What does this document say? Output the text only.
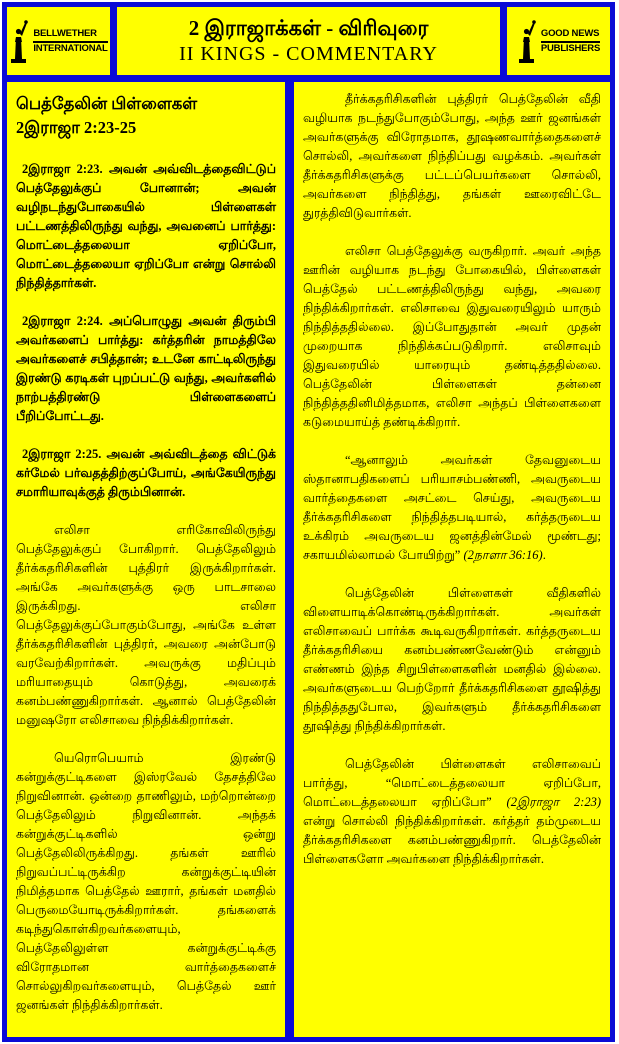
BELLWETHER
INTERNATIONAL
2 இராஜாக்கள் - விரிவுரை
II KINGS - COMMENTARY
GOOD NEWS
PUBLISHERS
பெத்தேலின் பிள்ளைகள்
2இராஜா 2:23-25

2இராஜா 2:23. அவன் அவ்விடத்தைவிட்டுப் பெத்தேலுக்குப் போனான்; அவன் வழிநடந்துபோகையில் பிள்ளைகள் பட்டணத்திலிருந்து வந்து, அவனைப் பார்த்து: மொட்டைத்தலையா ஏறிப்போ, மொட்டைத்தலையா ஏறிப்போ என்று சொல்லி நிந்தித்தார்கள்.

2இராஜா 2:24. அப்பொழுது அவன் திரும்பி அவர்களைப் பார்த்து: கர்த்தரின் நாமத்திலே அவர்களைச் சபித்தான்; உடனே காட்டிலிருந்து இரண்டு கரடிகள் புறப்பட்டு வந்து, அவர்களில் நாற்பத்திரண்டு பிள்ளைகளைப் பீறிப்போட்டது.

2இராஜா 2:25. அவன் அவ்விடத்தை விட்டுக் கர்மேல் பர்வதத்திற்குப்போய், அங்கேயிருந்து சமாரியாவுக்குத் திரும்பினான்.

எலிசா எரிகோவிலிருந்து பெத்தேலுக்குப் போகிறார். பெத்தேலிலும் தீர்க்கதரிசிகளின் புத்திரர் இருக்கிறார்கள். அங்கே அவர்களுக்கு ஒரு பாடசாலை இருக்கிறது. எலிசா பெத்தேலுக்குப்போகும்போது, அங்கே உள்ள தீர்க்கதரிசிகளின் புத்திரர், அவரை அன்போடு வரவேற்கிறார்கள். அவருக்கு மதிப்பும் மரியாதையும் கொடுத்து, அவரைக் கனம்பண்ணுகிறார்கள். ஆனால் பெத்தேலின் மனுஷரோ எலிசாவை நிந்திக்கிறார்கள்.

யெரொபெயாம் இரண்டு கன்றுக்குட்டிகளை இஸ்ரவேல் தேசத்திலே நிறுவினான். ஒன்றை தாணிலும், மற்றொன்றை பெத்தேலிலும் நிறுவினான். அந்தக் கன்றுக்குட்டிகளில் ஒன்று பெத்தேலிலிருக்கிறது. தங்கள் ஊரில் நிறுவப்பட்டிருக்கிற கன்றுக்குட்டியின் நிமித்தமாக பெத்தேல் ஊரார், தங்கள் மனதில் பெருமையோடிருக்கிறார்கள். தங்களைக் கடிந்துகொள்கிறவர்களையும், பெத்தேலிலுள்ள கன்றுக்குட்டிக்கு விரோதமான வார்த்தைகளைச் சொல்லுகிறவர்களையும், பெத்தேல் ஊர் ஜனங்கள் நிந்திக்கிறார்கள்.

தீர்க்கதரிசிகளின் புத்திரர் பெத்தேலின் வீதி வழியாக நடந்துபோகும்போது, அந்த ஊர் ஜனங்கள் அவர்களுக்கு விரோதமாக, தூஷணவார்த்தைகளைச் சொல்லி, அவர்களை நிந்திப்பது வழக்கம். அவர்கள் தீர்க்கதரிசிகளுக்கு பட்டப்பெயர்களை சொல்லி, அவர்களை நிந்தித்து, தங்கள் ஊரைவிட்டே துரத்திவிடுவார்கள்.

எலிசா பெத்தேலுக்கு வருகிறார். அவர் அந்த ஊரின் வழியாக நடந்து போகையில், பிள்ளைகள் பெத்தேல் பட்டணத்திலிருந்து வந்து, அவரை நிந்திக்கிறார்கள். எலிசாவை இதுவரையிலும் யாரும் நிந்தித்ததில்லை. இப்போதுதான் அவர் முதன் முறையாக நிந்திக்கப்படுகிறார். எலிசாவும் இதுவரையில் யாரையும் தண்டித்ததில்லை. பெத்தேலின் பிள்ளைகள் தன்னை நிந்தித்ததினிமித்தமாக, எலிசா அந்தப் பிள்ளைகளை கடுமையாய்த் தண்டிக்கிறார்.

“ஆனாலும் அவர்கள் தேவனுடைய ஸ்தானாபதிகளைப் பரியாசம்பண்ணி, அவருடைய வார்த்தைகளை அசட்டை செய்து, அவருடைய தீர்க்கதரிசிகளை நிந்தித்தபடியால், கர்த்தருடைய உக்கிரம் அவருடைய ஜனத்தின்மேல் மூண்டது; சகாயமில்லாமல் போயிற்று” (2நாளா 36:16).

பெத்தேலின் பிள்ளைகள் வீதிகளில் விளையாடிக்கொண்டிருக்கிறார்கள். அவர்கள் எலிசாவைப் பார்க்க கூடிவருகிறார்கள். கர்த்தருடைய தீர்க்கதரிசியை கனம்பண்ணவேண்டும் என்னும் எண்ணம் இந்த சிறுபிள்ளைகளின் மனதில் இல்லை. அவர்களுடைய பெற்றோர் தீர்க்கதரிசிகளை தூஷித்து நிந்தித்ததுபோல, இவர்களும் தீர்க்கதரிசிகளை தூஷித்து நிந்திக்கிறார்கள்.

பெத்தேலின் பிள்ளைகள் எலிசாவைப் பார்த்து, “மொட்டைத்தலையா ஏறிப்போ, மொட்டைத்தலையா ஏறிப்போ” (2இராஜா 2:23) என்று சொல்லி நிந்திக்கிறார்கள். கர்த்தர் தம்முடைய தீர்க்கதரிசிகளை கனம்பண்ணுகிறார். பெத்தேலின் பிள்ளைகளோ அவர்களை நிந்திக்கிறார்கள்.
